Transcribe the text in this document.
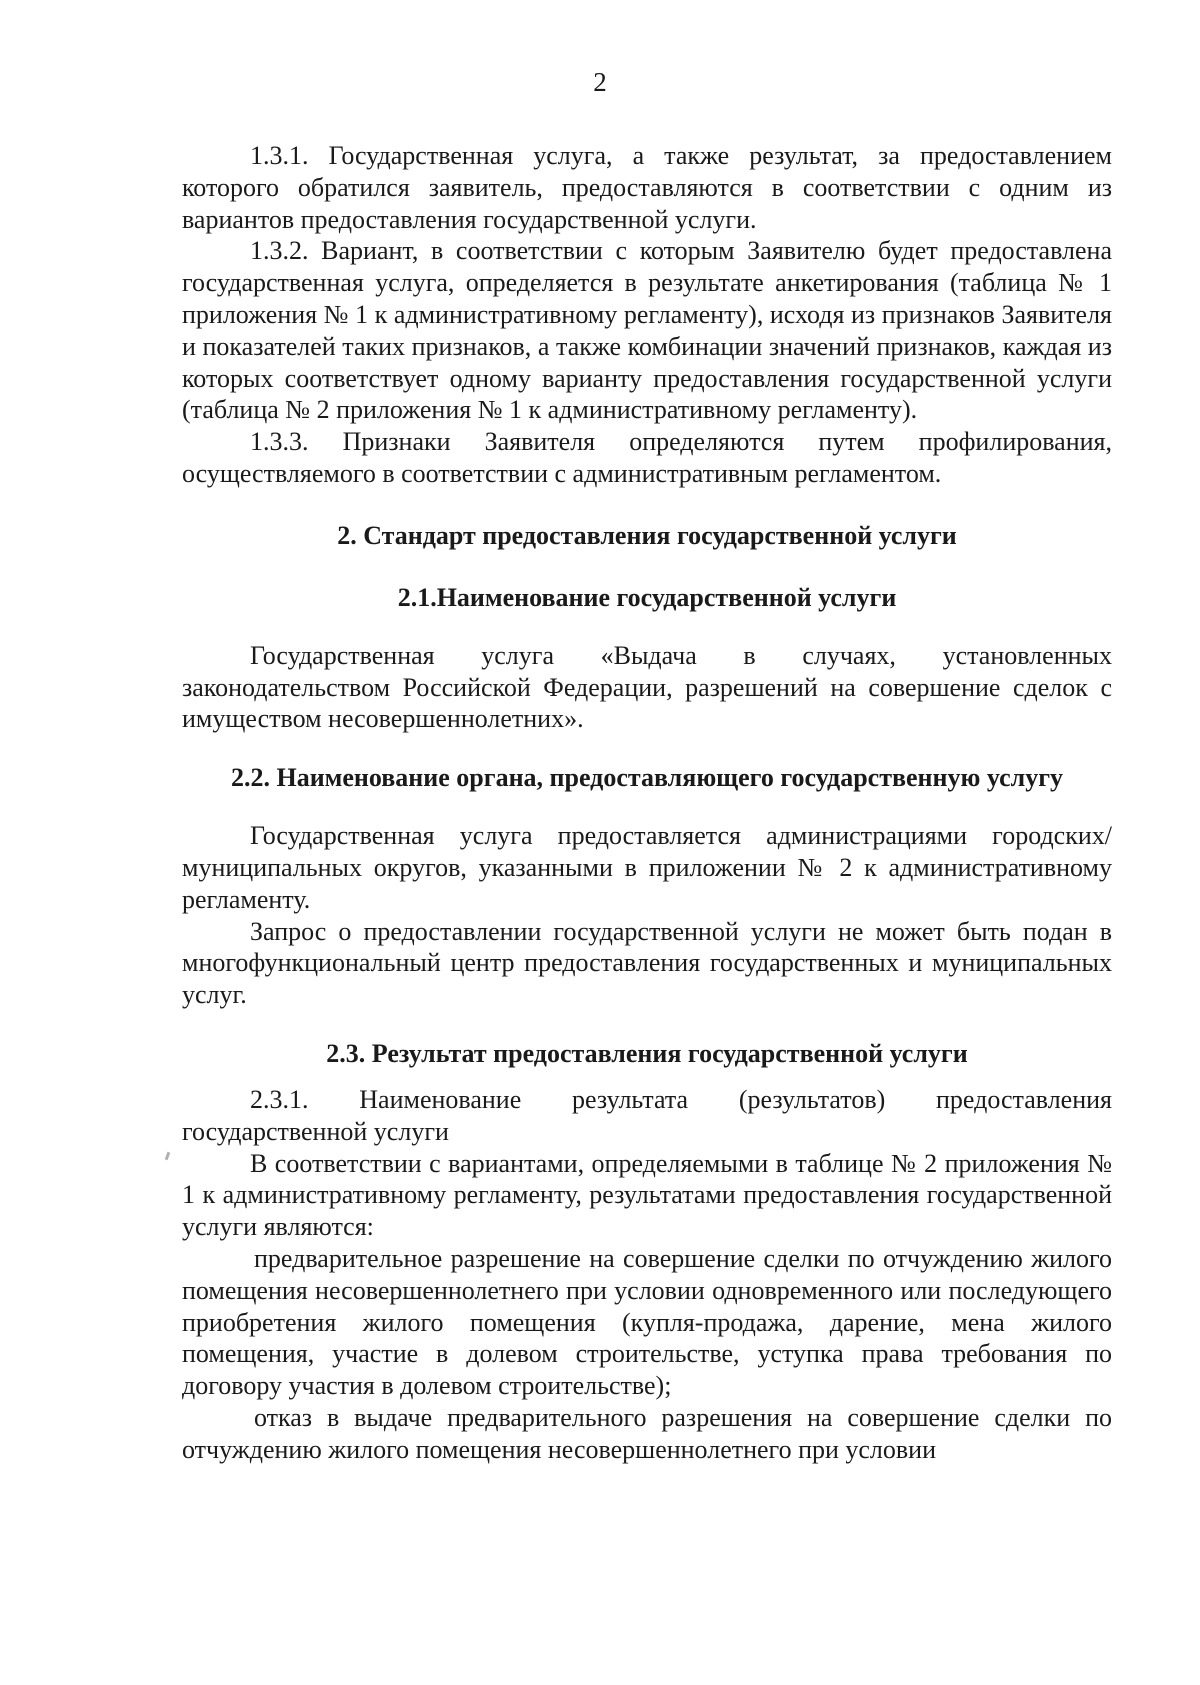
2

1.3.1. Государственная услуга, а также результат, за предоставлением которого обратился заявитель, предоставляются в соответствии с одним из вариантов предоставления государственной услуги.

1.3.2. Вариант, в соответствии с которым Заявителю будет предоставлена государственная услуга, определяется в результате анкетирования (таблица № 1 приложения № 1 к административному регламенту), исходя из признаков Заявителя и показателей таких признаков, а также комбинации значений признаков, каждая из которых соответствует одному варианту предоставления государственной услуги (таблица № 2 приложения № 1 к административному регламенту).

1.3.3. Признаки Заявителя определяются путем профилирования, осуществляемого в соответствии с административным регламентом.

2. Стандарт предоставления государственной услуги
2.1.Наименование государственной услуги

Государственная услуга «Выдача в случаях, установленных законодательством Российской Федерации, разрешений на совершение сделок с имуществом несовершеннолетних».

2.2. Наименование органа, предоставляющего государственную услугу

Государственная услуга предоставляется администрациями городских/муниципальных округов, указанными в приложении № 2 к административному регламенту.

Запрос о предоставлении государственной услуги не может быть подан в многофункциональный центр предоставления государственных и муниципальных услуг.

2.3. Результат предоставления государственной услуги

2.3.1. Наименование результата (результатов) предоставления государственной услуги

В соответствии с вариантами, определяемыми в таблице № 2 приложения № 1 к административному регламенту, результатами предоставления государственной услуги являются:

предварительное разрешение на совершение сделки по отчуждению жилого помещения несовершеннолетнего при условии одновременного или последующего приобретения жилого помещения (купля-продажа, дарение, мена жилого помещения, участие в долевом строительстве, уступка права требования по договору участия в долевом строительстве);

отказ в выдаче предварительного разрешения на совершение сделки по отчуждению жилого помещения несовершеннолетнего при условии
